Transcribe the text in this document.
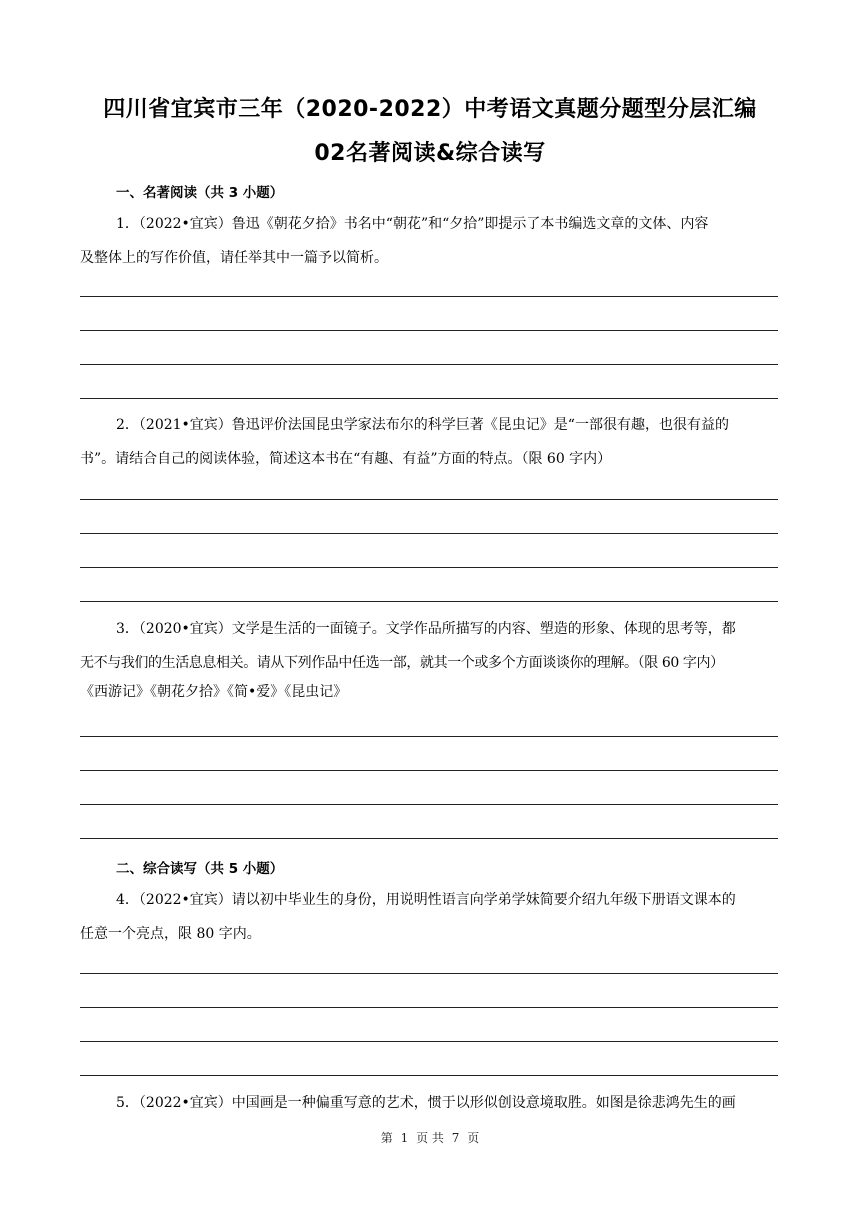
四川省宜宾市三年（2020-2022）中考语文真题分题型分层汇编
02名著阅读&综合读写
一、名著阅读（共 3 小题）
1．（2022•宜宾）鲁迅《朝花夕拾》书名中“朝花”和“夕拾”即提示了本书编选文章的文体、内容
及整体上的写作价值，请任举其中一篇予以简析。
2．（2021•宜宾）鲁迅评价法国昆虫学家法布尔的科学巨著《昆虫记》是“一部很有趣，也很有益的
书”。请结合自己的阅读体验，简述这本书在“有趣、有益”方面的特点。（限 60 字内）
3．（2020•宜宾）文学是生活的一面镜子。文学作品所描写的内容、塑造的形象、体现的思考等，都
无不与我们的生活息息相关。请从下列作品中任选一部，就其一个或多个方面谈谈你的理解。（限 60 字内）
《西游记》《朝花夕拾》《简•爱》《昆虫记》
二、综合读写（共 5 小题）
4．（2022•宜宾）请以初中毕业生的身份，用说明性语言向学弟学妹简要介绍九年级下册语文课本的
任意一个亮点，限 80 字内。
5．（2022•宜宾）中国画是一种偏重写意的艺术，惯于以形似创设意境取胜。如图是徐悲鸿先生的画
第 1 页 共 7 页
